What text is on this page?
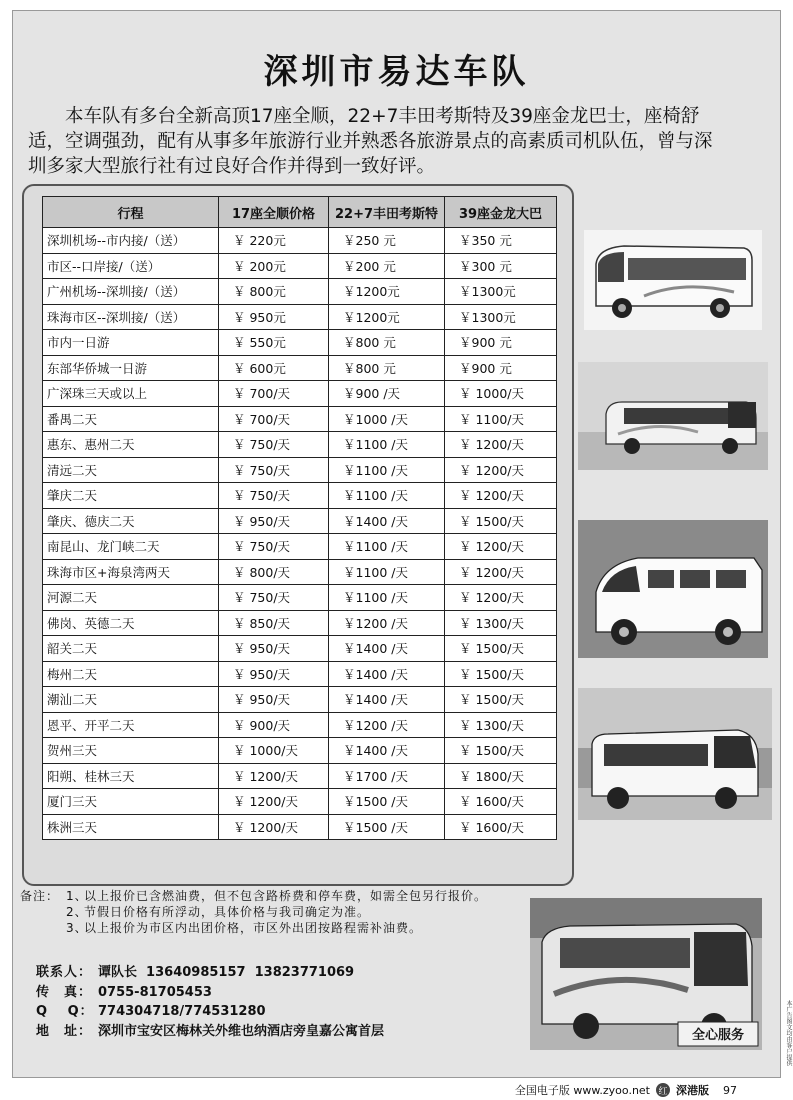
深圳市易达车队
本车队有多台全新高顶17座全顺，22+7丰田考斯特及39座金龙巴士，座椅舒适，空调强劲，配有从事多年旅游行业并熟悉各旅游景点的高素质司机队伍，曾与深圳多家大型旅行社有过良好合作并得到一致好评。
行程	17座全顺价格	22+7丰田考斯特	39座金龙大巴
深圳机场--市内接/（送）	￥ 220元	￥250 元	￥350 元
市区--口岸接/（送）	￥ 200元	￥200 元	￥300 元
广州机场--深圳接/（送）	￥ 800元	￥1200元	￥1300元
珠海市区--深圳接/（送）	￥ 950元	￥1200元	￥1300元
市内一日游	￥ 550元	￥800 元	￥900 元
东部华侨城一日游	￥ 600元	￥800 元	￥900 元
广深珠三天或以上	￥ 700/天	￥900 /天	￥ 1000/天
番禺二天	￥ 700/天	￥1000 /天	￥ 1100/天
惠东、惠州二天	￥ 750/天	￥1100 /天	￥ 1200/天
清远二天	￥ 750/天	￥1100 /天	￥ 1200/天
肇庆二天	￥ 750/天	￥1100 /天	￥ 1200/天
肇庆、德庆二天	￥ 950/天	￥1400 /天	￥ 1500/天
南昆山、龙门峡二天	￥ 750/天	￥1100 /天	￥ 1200/天
珠海市区+海泉湾两天	￥ 800/天	￥1100 /天	￥ 1200/天
河源二天	￥ 750/天	￥1100 /天	￥ 1200/天
佛岗、英德二天	￥ 850/天	￥1200 /天	￥ 1300/天
韶关二天	￥ 950/天	￥1400 /天	￥ 1500/天
梅州二天	￥ 950/天	￥1400 /天	￥ 1500/天
潮汕二天	￥ 950/天	￥1400 /天	￥ 1500/天
恩平、开平二天	￥ 900/天	￥1200 /天	￥ 1300/天
贺州三天	￥ 1000/天	￥1400 /天	￥ 1500/天
阳朔、桂林三天	￥ 1200/天	￥1700 /天	￥ 1800/天
厦门三天	￥ 1200/天	￥1500 /天	￥ 1600/天
株洲三天	￥ 1200/天	￥1500 /天	￥ 1600/天
全心服务
备注： 1、
以上报价已含燃油费，但不包含路桥费和停车费，如需全包另行报价。
2、
节假日价格有所浮动，具体价格与我司确定为准。
3、
以上报价为市区内出团价格，市区外出团按路程需补油费。
联系人： 谭队长  13640985157  13823771069
传　真： 0755-81705453
Q　 Q： 774304718/774531280
地　址： 深圳市宝安区梅林关外维也纳酒店旁皇嘉公寓首层	本广告图文均由客户提供
全国电子版 www.zyoo.net 红 深港版 97
